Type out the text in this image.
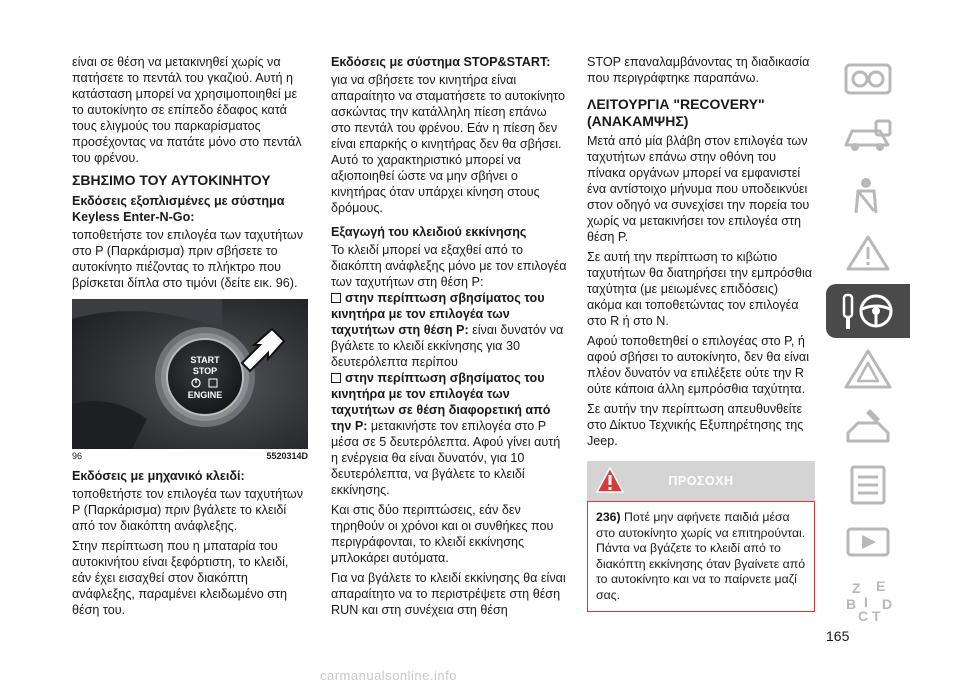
είναι σε θέση να μετακινηθεί χωρίς να πατήσετε το πεντάλ του γκαζιού. Αυτή η κατάσταση μπορεί να χρησιμοποιηθεί με το αυτοκίνητο σε επίπεδο έδαφος κατά τους ελιγμούς του παρκαρίσματος προσέχοντας να πατάτε μόνο στο πεντάλ του φρένου.

ΣΒΗΣΙΜΟ ΤΟΥ ΑΥΤΟΚΙΝΗΤΟΥ
Εκδόσεις εξοπλισμένες με σύστημα Keyless Enter-N-Go:

τοποθετήστε τον επιλογέα των ταχυτήτων στο P (Παρκάρισμα) πριν σβήσετε το αυτοκίνητο πιέζοντας το πλήκτρο που βρίσκεται δίπλα στο τιμόνι (δείτε εικ. 96).

START
STOP
ENGINE
96	5520314D
Εκδόσεις με μηχανικό κλειδί:

τοποθετήστε τον επιλογέα των ταχυτήτων P (Παρκάρισμα) πριν βγάλετε το κλειδί από τον διακόπτη ανάφλεξης.

Στην περίπτωση που η μπαταρία του αυτοκινήτου είναι ξεφόρτιστη, το κλειδί, εάν έχει εισαχθεί στον διακόπτη ανάφλεξης, παραμένει κλειδωμένο στη θέση του.

Εκδόσεις με σύστημα STOP&START:

για να σβήσετε τον κινητήρα είναι απαραίτητο να σταματήσετε το αυτοκίνητο ασκώντας την κατάλληλη πίεση επάνω στο πεντάλ του φρένου. Εάν η πίεση δεν είναι επαρκής ο κινητήρας δεν θα σβήσει. Αυτό το χαρακτηριστικό μπορεί να αξιοποιηθεί ώστε να μην σβήνει ο κινητήρας όταν υπάρχει κίνηση στους δρόμους.

Εξαγωγή του κλειδιού εκκίνησης

Το κλειδί μπορεί να εξαχθεί από το διακόπτη ανάφλεξης μόνο με τον επιλογέα των ταχυτήτων στη θέση P:

στην περίπτωση σβησίματος του κινητήρα με τον επιλογέα των ταχυτήτων στη θέση P: είναι δυνατόν να βγάλετε το κλειδί εκκίνησης για 30 δευτερόλεπτα περίπου

στην περίπτωση σβησίματος του κινητήρα με τον επιλογέα των ταχυτήτων σε θέση διαφορετική από την P: μετακινήστε τον επιλογέα στο P μέσα σε 5 δευτερόλεπτα. Αφού γίνει αυτή η ενέργεια θα είναι δυνατόν, για 10 δευτερόλεπτα, να βγάλετε το κλειδί εκκίνησης.

Και στις δύο περιπτώσεις, εάν δεν τηρηθούν οι χρόνοι και οι συνθήκες που περιγράφονται, το κλειδί εκκίνησης μπλοκάρει αυτόματα.

Για να βγάλετε το κλειδί εκκίνησης θα είναι απαραίτητο να το περιστρέψετε στη θέση RUN και στη συνέχεια στη θέση

STOP επαναλαμβάνοντας τη διαδικασία που περιγράφτηκε παραπάνω.

ΛΕΙΤΟΥΡΓΙΑ "RECOVERY" (ΑΝΑΚΑΜΨΗΣ)

Μετά από μία βλάβη στον επιλογέα των ταχυτήτων επάνω στην οθόνη του πίνακα οργάνων μπορεί να εμφανιστεί ένα αντίστοιχο μήνυμα που υποδεικνύει στον οδηγό να συνεχίσει την πορεία του χωρίς να μετακινήσει τον επιλογέα στη θέση P.

Σε αυτή την περίπτωση το κιβώτιο ταχυτήτων θα διατηρήσει την εμπρόσθια ταχύτητα (με μειωμένες επιδόσεις) ακόμα και τοποθετώντας τον επιλογέα στο R ή στο N.

Αφού τοποθετηθεί ο επιλογέας στο P, ή αφού σβήσει το αυτοκίνητο, δεν θα είναι πλέον δυνατόν να επιλέξετε ούτε την R ούτε κάποια άλλη εμπρόσθια ταχύτητα.

Σε αυτήν την περίπτωση απευθυνθείτε στο Δίκτυο Τεχνικής Εξυπηρέτησης της Jeep.

ΠΡΟΣΟΧΗ
236) Ποτέ μην αφήνετε παιδιά μέσα στο αυτοκίνητο χωρίς να επιτηρούνται. Πάντα να βγάζετε το κλειδί από το διακόπτη εκκίνησης όταν βγαίνετε από το αυτοκίνητο και να το παίρνετε μαζί σας.	Z E
B I
C T
D
165
carmanualsonline.info
